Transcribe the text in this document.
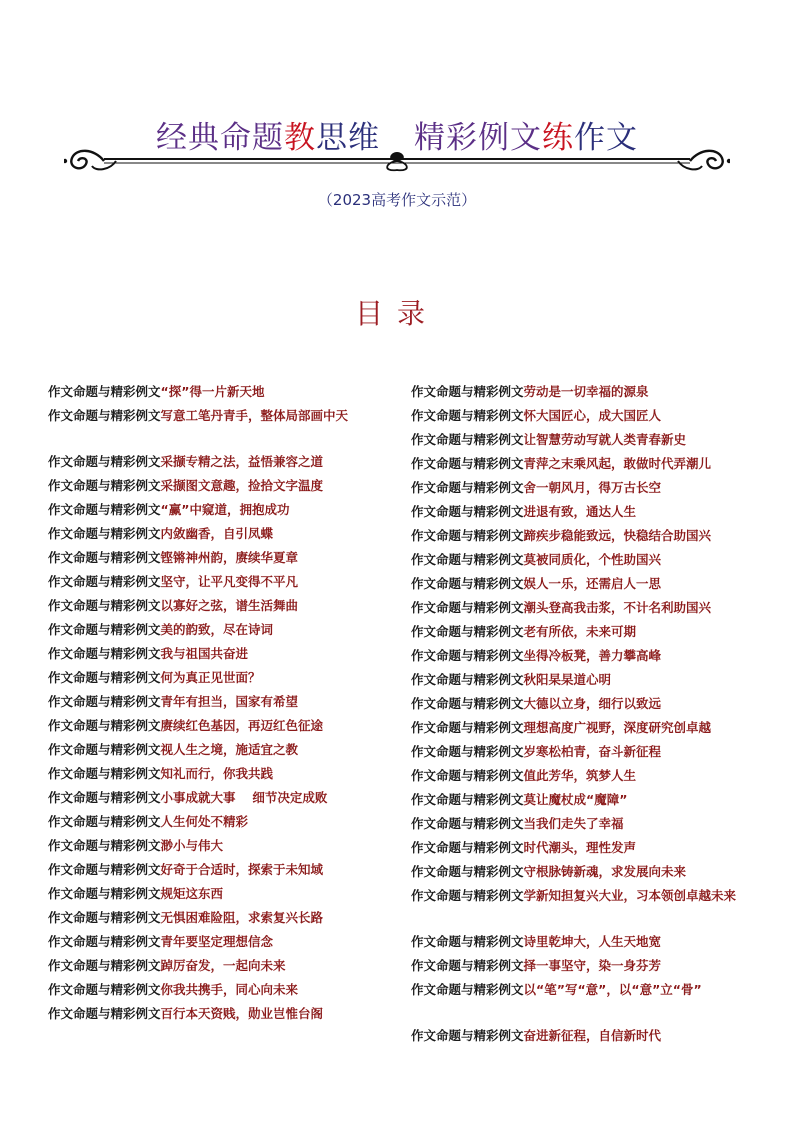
经典命题教思维 精彩例文练作文
（2023高考作文示范）
目录
作文命题与精彩例文“探”得一片新天地
作文命题与精彩例文写意工笔丹青手，整体局部画中天
作文命题与精彩例文采撷专精之法，益悟兼容之道
作文命题与精彩例文采撷图文意趣，捡拾文字温度
作文命题与精彩例文“赢”中窥道，拥抱成功
作文命题与精彩例文内敛幽香，自引凤蝶
作文命题与精彩例文铿锵神州韵，赓续华夏章
作文命题与精彩例文坚守，让平凡变得不平凡
作文命题与精彩例文以寡好之弦，谱生活舞曲
作文命题与精彩例文美的韵致，尽在诗词
作文命题与精彩例文我与祖国共奋进
作文命题与精彩例文何为真正见世面？
作文命题与精彩例文青年有担当，国家有希望
作文命题与精彩例文赓续红色基因，再迈红色征途
作文命题与精彩例文视人生之境，施适宜之教
作文命题与精彩例文知礼而行，你我共践
作文命题与精彩例文小事成就大事　 细节决定成败
作文命题与精彩例文人生何处不精彩
作文命题与精彩例文渺小与伟大
作文命题与精彩例文好奇于合适时，探索于未知域
作文命题与精彩例文规矩这东西
作文命题与精彩例文无惧困难险阻，求索复兴长路
作文命题与精彩例文青年要坚定理想信念
作文命题与精彩例文踔厉奋发，一起向未来
作文命题与精彩例文你我共携手，同心向未来
作文命题与精彩例文百行本天资贱，勋业岂惟台阁
作文命题与精彩例文劳动是一切幸福的源泉
作文命题与精彩例文怀大国匠心，成大国匠人
作文命题与精彩例文让智慧劳动写就人类青春新史
作文命题与精彩例文青萍之末乘风起，敢做时代弄潮儿
作文命题与精彩例文舍一朝风月，得万古长空
作文命题与精彩例文进退有致，通达人生
作文命题与精彩例文蹄疾步稳能致远，快稳结合助国兴
作文命题与精彩例文莫被同质化，个性助国兴
作文命题与精彩例文娱人一乐，还需启人一思
作文命题与精彩例文潮头登高我击浆，不计名利助国兴
作文命题与精彩例文老有所依，未来可期
作文命题与精彩例文坐得冷板凳，善力攀高峰
作文命题与精彩例文秋阳杲杲道心明
作文命题与精彩例文大德以立身，细行以致远
作文命题与精彩例文理想高度广视野，深度研究创卓越
作文命题与精彩例文岁寒松柏青，奋斗新征程
作文命题与精彩例文值此芳华，筑梦人生
作文命题与精彩例文莫让魔杖成“魔障”
作文命题与精彩例文当我们走失了幸福
作文命题与精彩例文时代潮头，理性发声
作文命题与精彩例文守根脉铸新魂，求发展向未来
作文命题与精彩例文学新知担复兴大业，习本领创卓越未来
作文命题与精彩例文诗里乾坤大，人生天地宽
作文命题与精彩例文择一事坚守，染一身芬芳
作文命题与精彩例文以“笔”写“意”，以“意”立“骨”
作文命题与精彩例文奋进新征程，自信新时代
